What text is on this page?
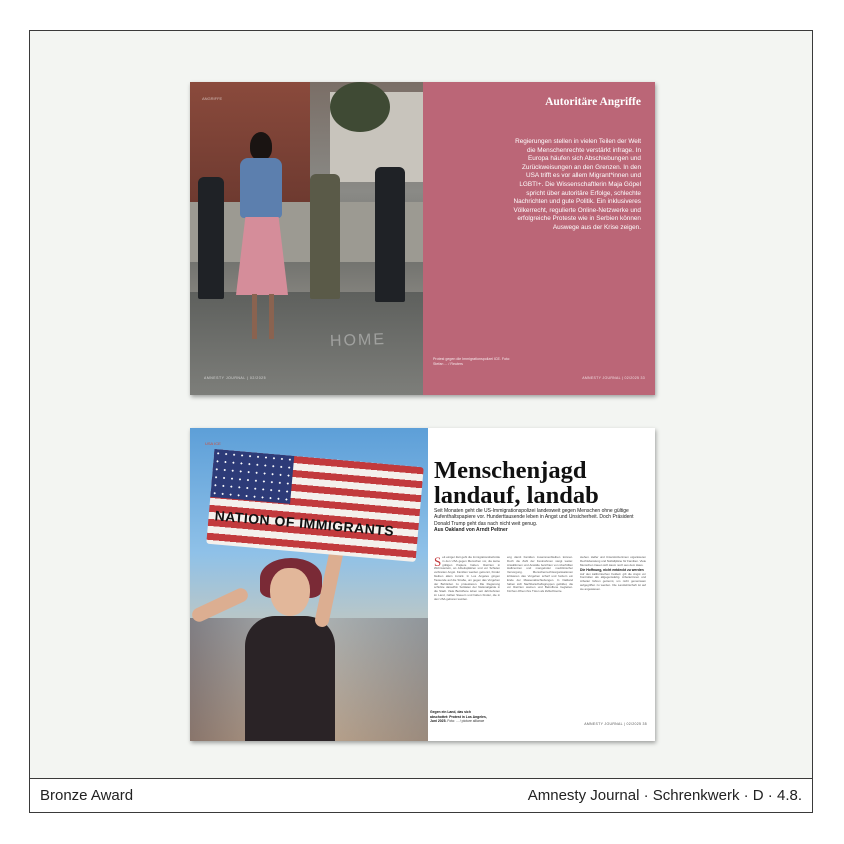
HOME
ANGRIFFE
AMNESTY JOURNAL | 02/2025
Autoritäre Angriffe
Regierungen stellen in vielen Teilen der Welt die Menschenrechte verstärkt infrage. In Europa häufen sich Abschiebungen und Zurückweisungen an den Grenzen. In den USA trifft es vor allem Migrant*innen und LGBTI+. Die Wissenschaftlerin Maja Göpel spricht über autoritäre Erfolge, schlechte Nachrichten und gute Politik. Ein inklusiveres Völkerrecht, regulierte Online-Netzwerke und erfolgreiche Proteste wie in Serbien können Auswege aus der Krise zeigen.
Protest gegen die Immigrationspolizei ICE. Foto: Stefan ... / Reuters
AMNESTY JOURNAL | 02/2025 33
NATION OF IMMIGRANTS
USA ICE
Menschenjagd
landauf, landab
Seit Monaten geht die US-Immigrationspolizei landesweit gegen Menschen ohne gültige Aufenthaltspapiere vor. Hunderttausende leben in Angst und Unsicherheit. Doch Präsident Donald Trump geht das nach nicht weit genug.
Aus Oakland von Arndt Peltner
S eit einiger Zeit geht die Immigrationsbehörde in den USA gegen Menschen vor, die keine gültigen Papiere haben. Razzien in Wohnvierteln, an Arbeitsplätzen und vor Schulen verbreiten Angst. Familien werden getrennt, Kinder bleiben allein zurück. In Los Angeles gingen Tausende auf die Straße, um gegen das Vorgehen der Behörden zu protestieren. Die Regierung schickte daraufhin Soldaten der Nationalgarde in die Stadt. Viele Betroffene leben seit Jahrzehnten im Land, zahlen Steuern und haben Kinder, die in den USA geboren wurden.
eng damit Familien zusammenbleiben können. Doch die Zahl der Festnahmen steigt weiter. Anwältinnen und Anwälte berichten von überfüllten Haftzentren und mangelnder medizinischer Versorgung. Menschenrechtsorganisationen kritisieren das Vorgehen scharf und fordern ein Ende der Massenabschiebungen. In Oakland haben sich Nachbarschaftsgruppen gebildet, die vor Razzien warnen und Betroffene begleiten. Kirchen öffnen ihre Türen als Zufluchtsorte.
stehen. Helfer und Unterstützerinnen organisieren Rechtsberatung und Notfallpläne für Familien. Viele Menschen trauen sich kaum noch aus dem Haus.
Die Hoffnung, nicht entdeckt zu werden
Auf den kalifornischen Feldern gilt die Angst vor Kontrollen als allgegenwärtig. Arbeiterinnen und Arbeiter fahren getrennt, um nicht gemeinsam aufgegriffen zu werden. Die Landwirtschaft ist auf sie angewiesen.
AMNESTY JOURNAL | 02/2025 35
Gegen ein Land, das sich abschottet: Protest in Los Angeles, Juni 2025. Foto: ... / picture alliance
Bronze Award	Amnesty Journal · Schrenkwerk · D · 4.8.
